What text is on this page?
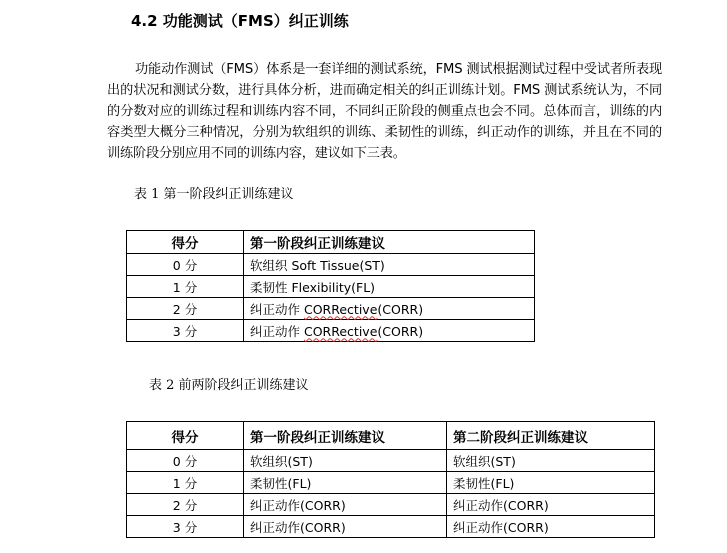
4.2 功能测试（FMS）纠正训练
功能动作测试（FMS）体系是一套详细的测试系统，FMS 测试根据测试过程中受试者所表现出的状况和测试分数，进行具体分析，进而确定相关的纠正训练计划。FMS 测试系统认为，不同的分数对应的训练过程和训练内容不同，不同纠正阶段的侧重点也会不同。总体而言，训练的内容类型大概分三种情况，分别为软组织的训练、柔韧性的训练，纠正动作的训练，并且在不同的训练阶段分别应用不同的训练内容，建议如下三表。
表 1 第一阶段纠正训练建议
得分	第一阶段纠正训练建议
0 分	软组织 Soft Tissue(ST)
1 分	柔韧性 Flexibility(FL)
2 分	纠正动作 CORRective(CORR)
3 分	纠正动作 CORRective(CORR)
表 2 前两阶段纠正训练建议
得分	第一阶段纠正训练建议	第二阶段纠正训练建议
0 分	软组织(ST)	软组织(ST)
1 分	柔韧性(FL)	柔韧性(FL)
2 分	纠正动作(CORR)	纠正动作(CORR)
3 分	纠正动作(CORR)	纠正动作(CORR)
